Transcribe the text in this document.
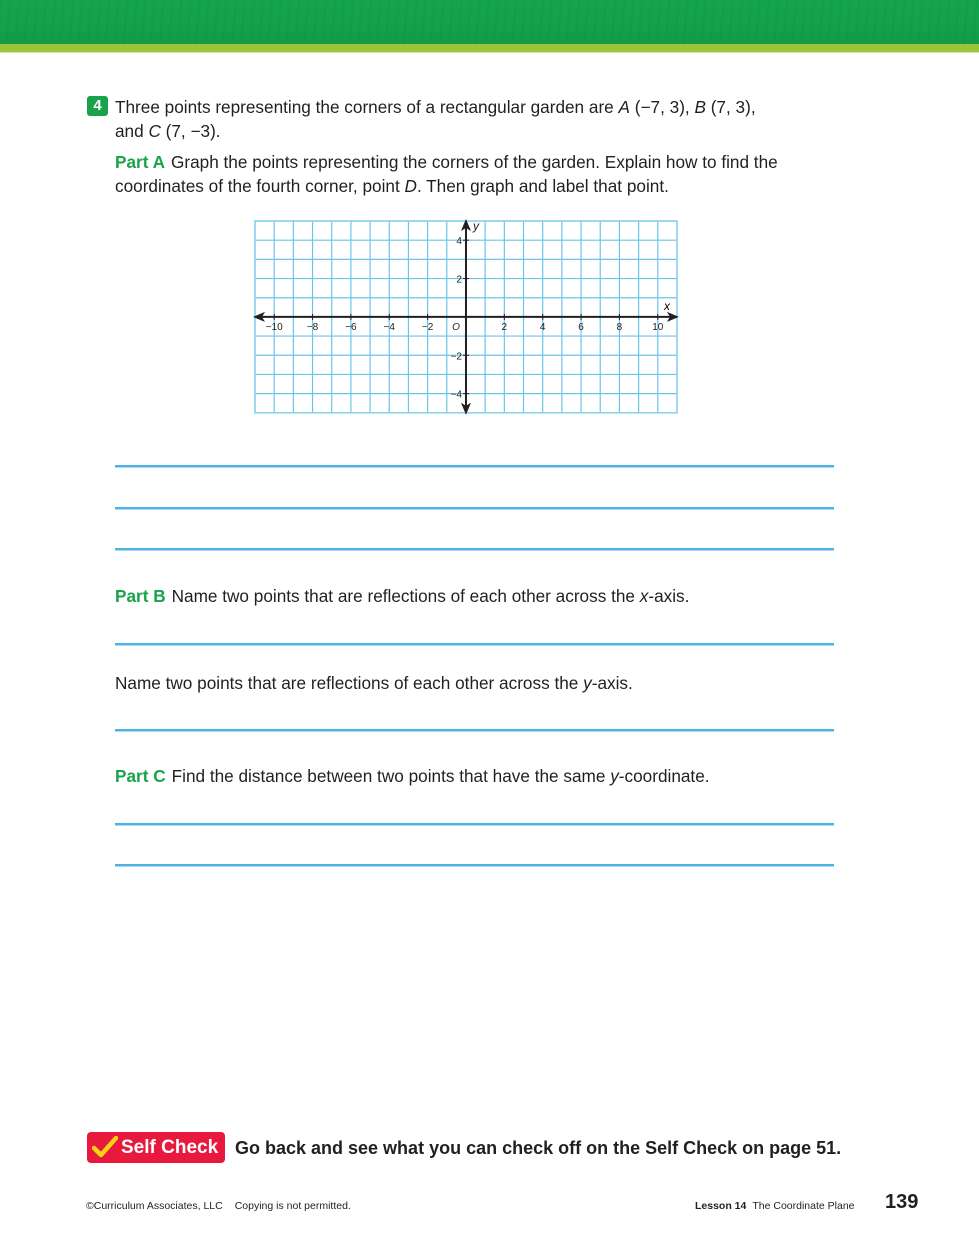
4 Three points representing the corners of a rectangular garden are A (−7, 3), B (7, 3),
and C (7, −3).
Part A Graph the points representing the corners of the garden. Explain how to find the
coordinates of the fourth corner, point D. Then graph and label that point.
−10 −8	−6	−4	−2	2	4	6	8	10
4
2
−2
−4
O
x
y
Part B Name two points that are reflections of each other across the x-axis.
Name two points that are reflections of each other across the y-axis.
Part C Find the distance between two points that have the same y-coordinate.
Self Check Go back and see what you can check off on the Self Check on page 51.
©Curriculum Associates, LLC Copying is not permitted.	Lesson 14 The Coordinate Plane 139
